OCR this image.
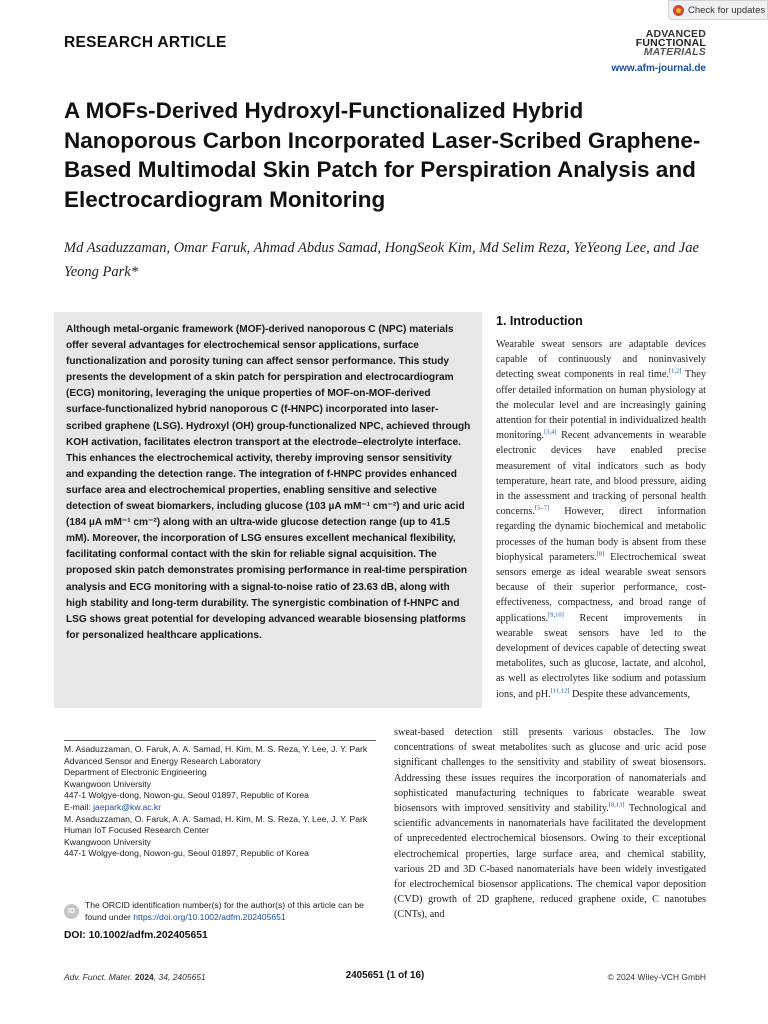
Check for updates
RESEARCH ARTICLE	ADVANCED
FUNCTIONAL
MATERIALS
www.afm-journal.de
A MOFs-Derived Hydroxyl-Functionalized Hybrid Nanoporous Carbon Incorporated Laser-Scribed Graphene-Based Multimodal Skin Patch for Perspiration Analysis and Electrocardiogram Monitoring
Md Asaduzzaman, Omar Faruk, Ahmad Abdus Samad, HongSeok Kim, Md Selim Reza, YeYeong Lee, and Jae Yeong Park*
Although metal-organic framework (MOF)-derived nanoporous C (NPC) materials offer several advantages for electrochemical sensor applications, surface functionalization and porosity tuning can affect sensor performance. This study presents the development of a skin patch for perspiration and electrocardiogram (ECG) monitoring, leveraging the unique properties of MOF-on-MOF-derived surface-functionalized hybrid nanoporous C (f-HNPC) incorporated into laser-scribed graphene (LSG). Hydroxyl (OH) group-functionalized NPC, achieved through KOH activation, facilitates electron transport at the electrode–electrolyte interface. This enhances the electrochemical activity, thereby improving sensor sensitivity and expanding the detection range. The integration of f-HNPC provides enhanced surface area and electrochemical properties, enabling sensitive and selective detection of sweat biomarkers, including glucose (103 µA mM⁻¹ cm⁻²) and uric acid (184 µA mM⁻¹ cm⁻²) along with an ultra-wide glucose detection range (up to 41.5 mM). Moreover, the incorporation of LSG ensures excellent mechanical flexibility, facilitating conformal contact with the skin for reliable signal acquisition. The proposed skin patch demonstrates promising performance in real-time perspiration analysis and ECG monitoring with a signal-to-noise ratio of 23.63 dB, along with high stability and long-term durability. The synergistic combination of f-HNPC and LSG shows great potential for developing advanced wearable biosensing platforms for personalized healthcare applications.
M. Asaduzzaman, O. Faruk, A. A. Samad, H. Kim, M. S. Reza, Y. Lee, J. Y. Park
Advanced Sensor and Energy Research Laboratory
Department of Electronic Engineering
Kwangwoon University
447-1 Wolgye-dong, Nowon-gu, Seoul 01897, Republic of Korea
E-mail: jaepark@kw.ac.kr
M. Asaduzzaman, O. Faruk, A. A. Samad, H. Kim, M. S. Reza, Y. Lee, J. Y. Park
Human IoT Focused Research Center
Kwangwoon University
447-1 Wolgye-dong, Nowon-gu, Seoul 01897, Republic of Korea
ID
The ORCID identification number(s) for the author(s) of this article can be found under https://doi.org/10.1002/adfm.202405651
DOI: 10.1002/adfm.202405651
1. Introduction
Wearable sweat sensors are adaptable devices capable of continuously and noninvasively detecting sweat components in real time.[1,2] They offer detailed information on human physiology at the molecular level and are increasingly gaining attention for their potential in individualized health monitoring.[3,4] Recent advancements in wearable electronic devices have enabled precise measurement of vital indicators such as body temperature, heart rate, and blood pressure, aiding in the assessment and tracking of personal health concerns.[5–7] However, direct information regarding the dynamic biochemical and metabolic processes of the human body is absent from these biophysical parameters.[8] Electrochemical sweat sensors emerge as ideal wearable sweat sensors because of their superior performance, cost-effectiveness, compactness, and broad range of applications.[9,10] Recent improvements in wearable sweat sensors have led to the development of devices capable of detecting sweat metabolites, such as glucose, lactate, and alcohol, as well as electrolytes like sodium and potassium ions, and pH.[11,12] Despite these advancements,
sweat-based detection still presents various obstacles. The low concentrations of sweat metabolites such as glucose and uric acid pose significant challenges to the sensitivity and stability of sweat biosensors. Addressing these issues requires the incorporation of nanomaterials and sophisticated manufacturing techniques to fabricate wearable sweat biosensors with improved sensitivity and stability.[8,13] Technological and scientific advancements in nanomaterials have facilitated the development of unprecedented electrochemical biosensors. Owing to their exceptional electrochemical properties, large surface area, and chemical stability, various 2D and 3D C-based nanomaterials have been widely investigated for electrochemical biosensor applications. The chemical vapor deposition (CVD) growth of 2D graphene, reduced graphene oxide, C nanotubes (CNTs), and
Adv. Funct. Mater. 2024, 34, 2405651	2405651 (1 of 16)	© 2024 Wiley-VCH GmbH
